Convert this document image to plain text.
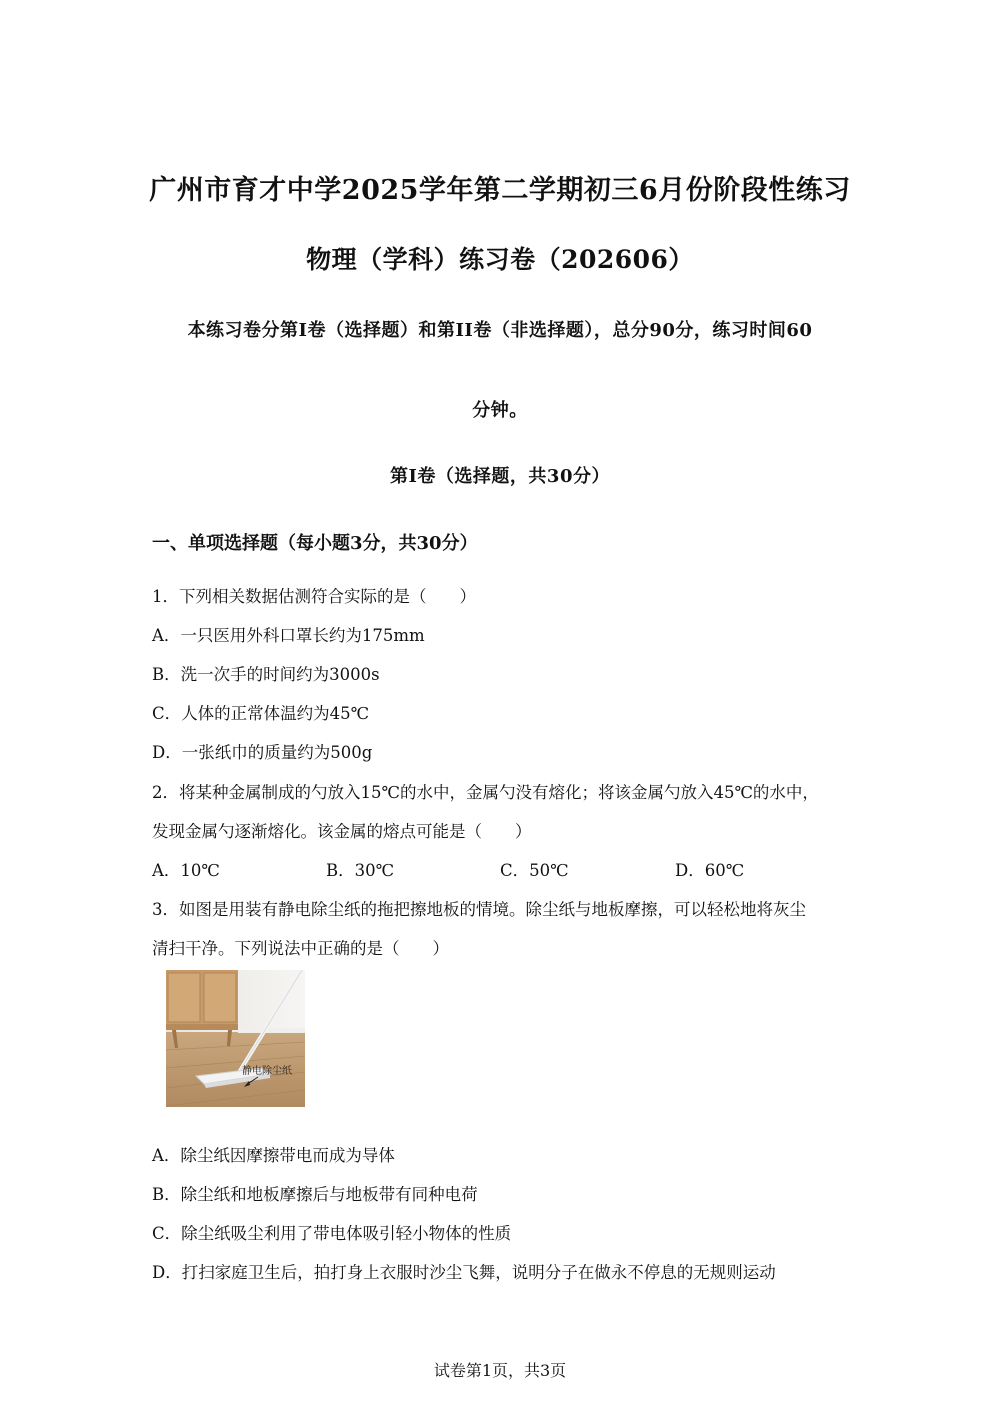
广州市育才中学2025学年第二学期初三6月份阶段性练习
物理（学科）练习卷（202606）
本练习卷分第I卷（选择题）和第II卷（非选择题），总分90分，练习时间60
分钟。
第I卷（选择题，共30分）
一、单项选择题（每小题3分，共30分）
1．下列相关数据估测符合实际的是（　　）
A．一只医用外科口罩长约为175mm
B．洗一次手的时间约为3000s
C．人体的正常体温约为45℃
D．一张纸巾的质量约为500g
2．将某种金属制成的勺放入15℃的水中，金属勺没有熔化；将该金属勺放入45℃的水中，
发现金属勺逐渐熔化。该金属的熔点可能是（　　）
A．10℃	B．30℃	C．50℃	D．60℃
3．如图是用装有静电除尘纸的拖把擦地板的情境。除尘纸与地板摩擦，可以轻松地将灰尘
清扫干净。下列说法中正确的是（　　）
静电除尘纸
A．除尘纸因摩擦带电而成为导体
B．除尘纸和地板摩擦后与地板带有同种电荷
C．除尘纸吸尘利用了带电体吸引轻小物体的性质
D．打扫家庭卫生后，拍打身上衣服时沙尘飞舞，说明分子在做永不停息的无规则运动
试卷第1页，共3页
